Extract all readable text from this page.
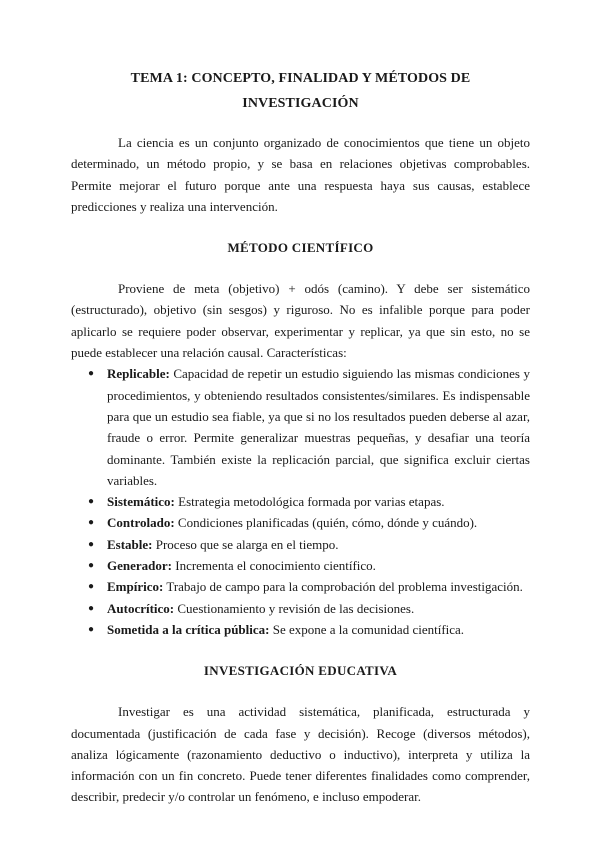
TEMA 1: CONCEPTO, FINALIDAD Y MÉTODOS DE INVESTIGACIÓN

La ciencia es un conjunto organizado de conocimientos que tiene un objeto determinado, un método propio, y se basa en relaciones objetivas comprobables. Permite mejorar el futuro porque ante una respuesta haya sus causas, establece predicciones y realiza una intervención.

MÉTODO CIENTÍFICO

Proviene de meta (objetivo) + odós (camino). Y debe ser sistemático (estructurado), objetivo (sin sesgos) y riguroso. No es infalible porque para poder aplicarlo se requiere poder observar, experimentar y replicar, ya que sin esto, no se puede establecer una relación causal. Características:

● Replicable: Capacidad de repetir un estudio siguiendo las mismas condiciones y procedimientos, y obteniendo resultados consistentes/similares. Es indispensable para que un estudio sea fiable, ya que si no los resultados pueden deberse al azar, fraude o error. Permite generalizar muestras pequeñas, y desafiar una teoría dominante. También existe la replicación parcial, que significa excluir ciertas variables.
● Sistemático: Estrategia metodológica formada por varias etapas.
● Controlado: Condiciones planificadas (quién, cómo, dónde y cuándo).
● Estable: Proceso que se alarga en el tiempo.
● Generador: Incrementa el conocimiento científico.
● Empírico: Trabajo de campo para la comprobación del problema investigación.
● Autocrítico: Cuestionamiento y revisión de las decisiones.
● Sometida a la crítica pública: Se expone a la comunidad científica.
INVESTIGACIÓN EDUCATIVA

Investigar es una actividad sistemática, planificada, estructurada y documentada (justificación de cada fase y decisión). Recoge (diversos métodos), analiza lógicamente (razonamiento deductivo o inductivo), interpreta y utiliza la información con un fin concreto. Puede tener diferentes finalidades como comprender, describir, predecir y/o controlar un fenómeno, e incluso empoderar.
